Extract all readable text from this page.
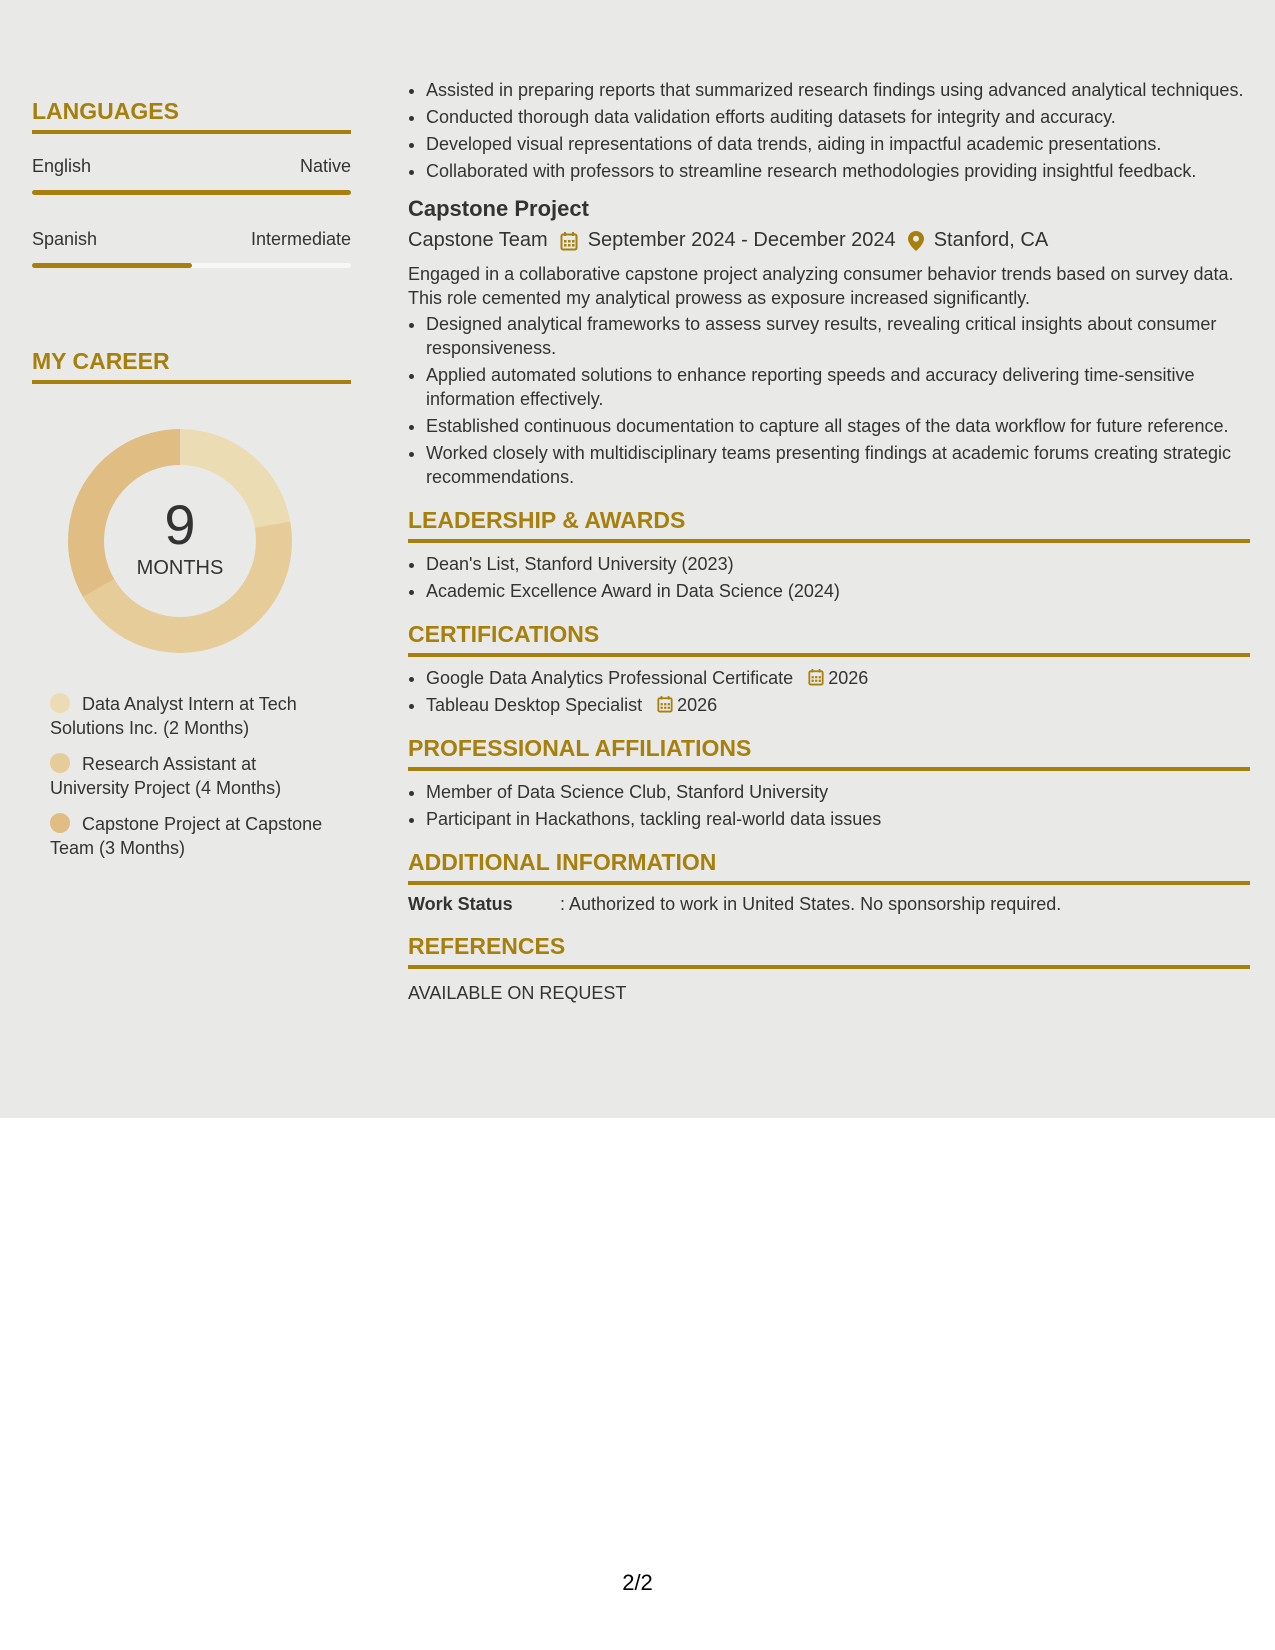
LANGUAGES
English	Native
Spanish	Intermediate
MY CAREER
9
MONTHS
Data Analyst Intern at Tech Solutions Inc. (2 Months)
Research Assistant at University Project (4 Months)
Capstone Project at Capstone Team (3 Months)
• Assisted in preparing reports that summarized research findings using advanced analytical techniques.
• Conducted thorough data validation efforts auditing datasets for integrity and accuracy.
• Developed visual representations of data trends, aiding in impactful academic presentations.
• Collaborated with professors to streamline research methodologies providing insightful feedback.
Capstone Project
Capstone Team September 2024 - December 2024 Stanford, CA
Engaged in a collaborative capstone project analyzing consumer behavior trends based on survey data. This role cemented my analytical prowess as exposure increased significantly.
• Designed analytical frameworks to assess survey results, revealing critical insights about consumer responsiveness.
• Applied automated solutions to enhance reporting speeds and accuracy delivering time-sensitive information effectively.
• Established continuous documentation to capture all stages of the data workflow for future reference.
• Worked closely with multidisciplinary teams presenting findings at academic forums creating strategic recommendations.
LEADERSHIP & AWARDS
• Dean's List, Stanford University (2023)
• Academic Excellence Award in Data Science (2024)
CERTIFICATIONS
• Google Data Analytics Professional Certificate 2026
• Tableau Desktop Specialist 2026
PROFESSIONAL AFFILIATIONS
• Member of Data Science Club, Stanford University
• Participant in Hackathons, tackling real-world data issues
ADDITIONAL INFORMATION
Work Status	: Authorized to work in United States. No sponsorship required.
REFERENCES
AVAILABLE ON REQUEST
2/2
